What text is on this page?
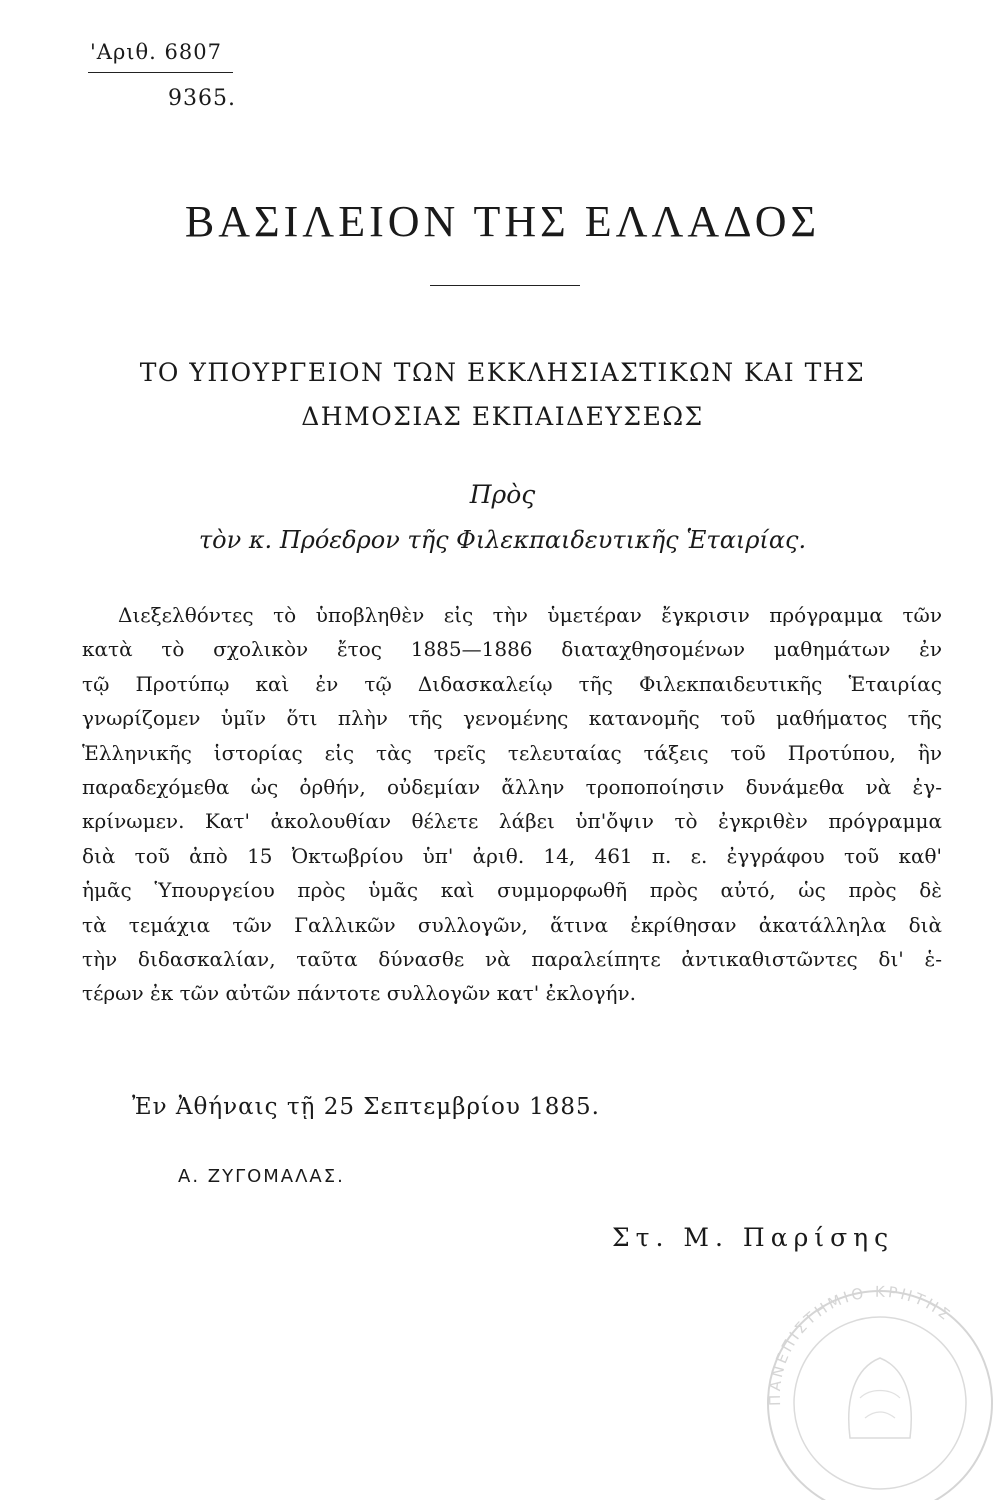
'Αριθ. 6807
9365.
ΒΑΣΙΛΕΙΟΝ ΤΗΣ ΕΛΛΑΔΟΣ
ΤΟ ΥΠΟΥΡΓΕΙΟΝ ΤΩΝ ΕΚΚΛΗΣΙΑΣΤΙΚΩΝ ΚΑΙ ΤΗΣ
ΔΗΜΟΣΙΑΣ ΕΚΠΑΙΔΕΥΣΕΩΣ
Πρὸς
τὸν κ. Πρόεδρον τῆς Φιλεκπαιδευτικῆς Ἑταιρίας.
Διεξελθόντες τὸ ὑποβληθὲν εἰς τὴν ὑμετέραν ἔγκρισιν πρόγραμμα τῶν
κατὰ τὸ σχολικὸν ἔτος 1885—1886 διαταχθησομένων μαθημάτων ἐν
τῷ Προτύπῳ καὶ ἐν τῷ Διδασκαλείῳ τῆς Φιλεκπαιδευτικῆς Ἑταιρίας
γνωρίζομεν ὑμῖν ὅτι πλὴν τῆς γενομένης κατανομῆς τοῦ μαθήματος τῆς
Ἑλληνικῆς ἱστορίας εἰς τὰς τρεῖς τελευταίας τάξεις τοῦ Προτύπου, ἣν
παραδεχόμεθα ὡς ὀρθήν, οὐδεμίαν ἄλλην τροποποίησιν δυνάμεθα νὰ ἐγ-
κρίνωμεν. Κατ' ἀκολουθίαν θέλετε λάβει ὑπ'ὄψιν τὸ ἐγκριθὲν πρόγραμμα
διὰ τοῦ ἀπὸ 15 Ὀκτωβρίου ὑπ' ἀριθ. 14, 461 π. ε. ἐγγράφου τοῦ καθ'
ἡμᾶς Ὑπουργείου πρὸς ὑμᾶς καὶ συμμορφωθῆ πρὸς αὐτό, ὡς πρὸς δὲ
τὰ τεμάχια τῶν Γαλλικῶν συλλογῶν, ἅτινα ἐκρίθησαν ἀκατάλληλα διὰ
τὴν διδασκαλίαν, ταῦτα δύνασθε νὰ παραλείπητε ἀντικαθιστῶντες δι' ἑ-
τέρων ἐκ τῶν αὐτῶν πάντοτε συλλογῶν κατ' ἐκλογήν.
Ἐν Ἀθήναις τῇ 25 Σεπτεμβρίου 1885.
Α. ΖΥΓΟΜΑΛΑΣ.
Στ. Μ. Παρίσης
ΠΑΝΕΠΙΣΤΗΜΙΟ ΚΡΗΤΗΣ
